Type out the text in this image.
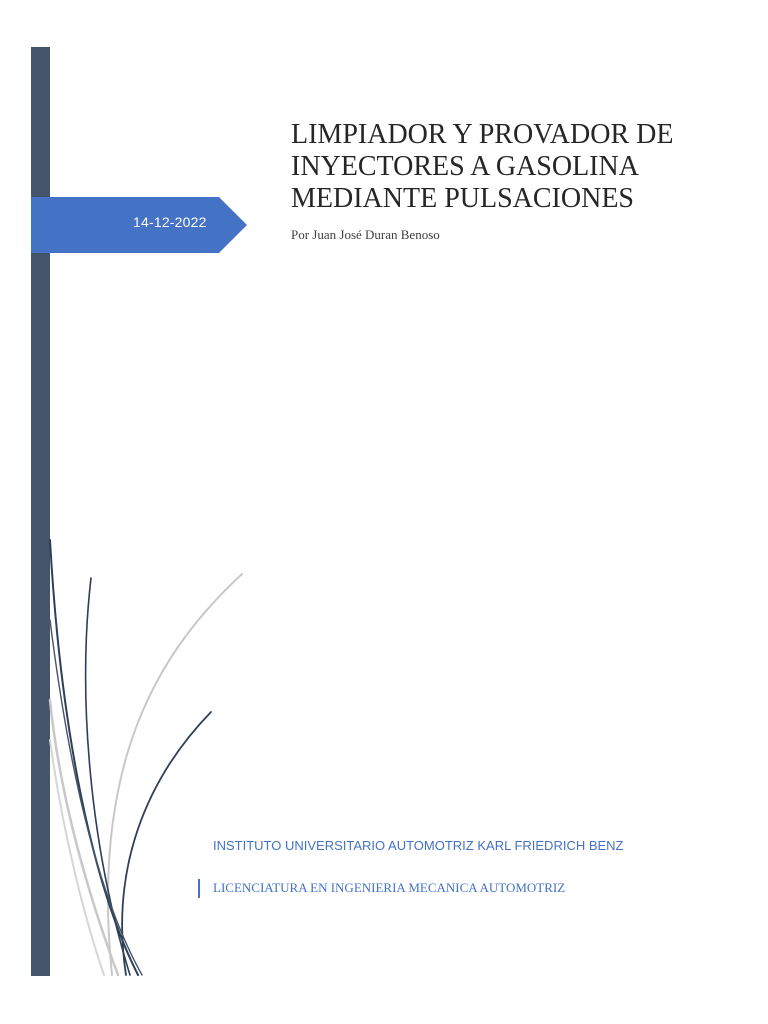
14-12-2022
LIMPIADOR Y PROVADOR DE
INYECTORES A GASOLINA
MEDIANTE PULSACIONES
Por Juan José Duran Benoso
INSTITUTO UNIVERSITARIO AUTOMOTRIZ KARL FRIEDRICH BENZ
LICENCIATURA EN INGENIERIA MECANICA AUTOMOTRIZ
